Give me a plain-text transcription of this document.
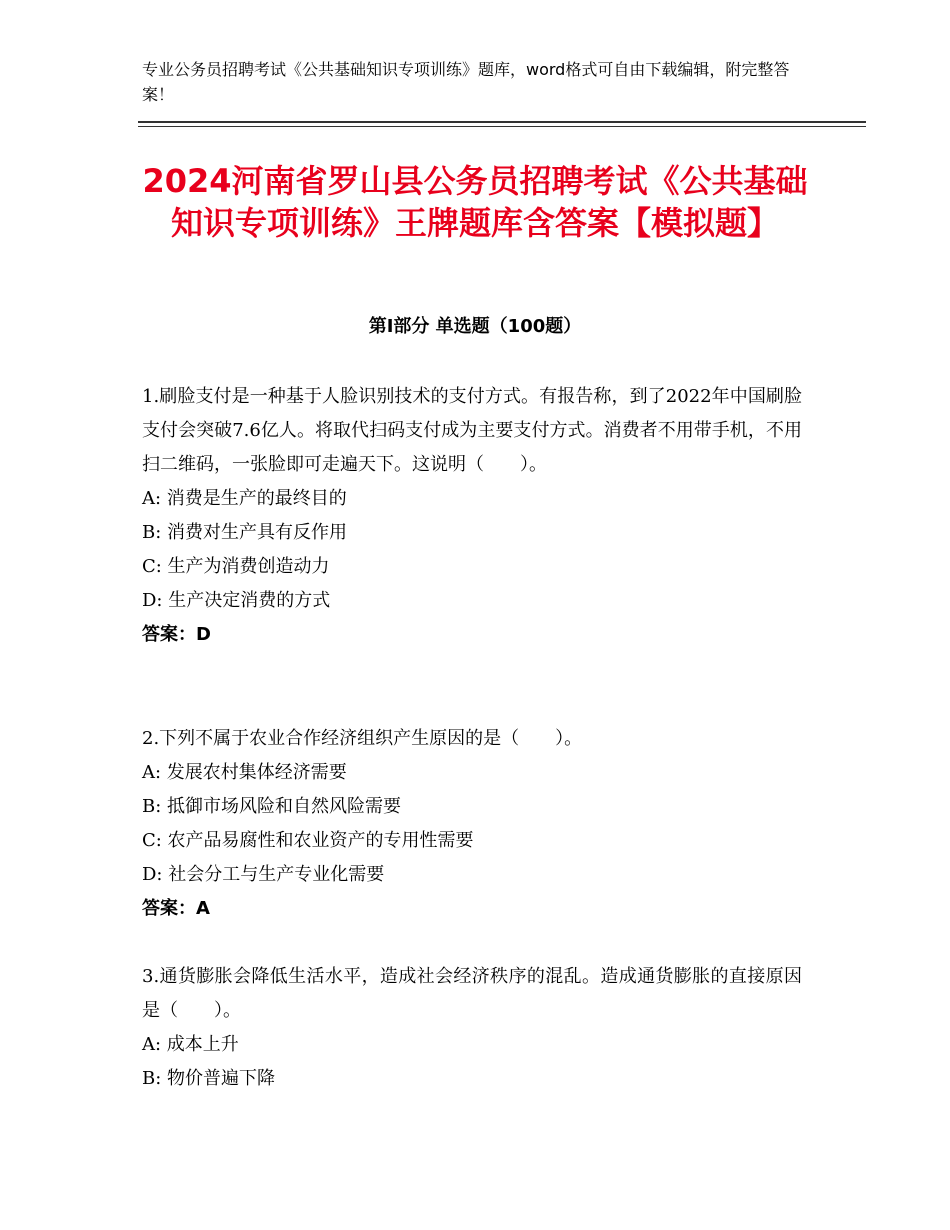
专业公务员招聘考试《公共基础知识专项训练》题库，word格式可自由下载编辑，附完整答案！
2024河南省罗山县公务员招聘考试《公共基础知识专项训练》王牌题库含答案【模拟题】
第Ⅰ部分 单选题（100题）
1.刷脸支付是一种基于人脸识别技术的支付方式。有报告称，到了2022年中国刷脸支付会突破7.6亿人。将取代扫码支付成为主要支付方式。消费者不用带手机，不用扫二维码，一张脸即可走遍天下。这说明（　　）。
A: 消费是生产的最终目的
B: 消费对生产具有反作用
C: 生产为消费创造动力
D: 生产决定消费的方式
答案：D
2.下列不属于农业合作经济组织产生原因的是（　　）。
A: 发展农村集体经济需要
B: 抵御市场风险和自然风险需要
C: 农产品易腐性和农业资产的专用性需要
D: 社会分工与生产专业化需要
答案：A
3.通货膨胀会降低生活水平，造成社会经济秩序的混乱。造成通货膨胀的直接原因是（　　）。
A: 成本上升
B: 物价普遍下降
